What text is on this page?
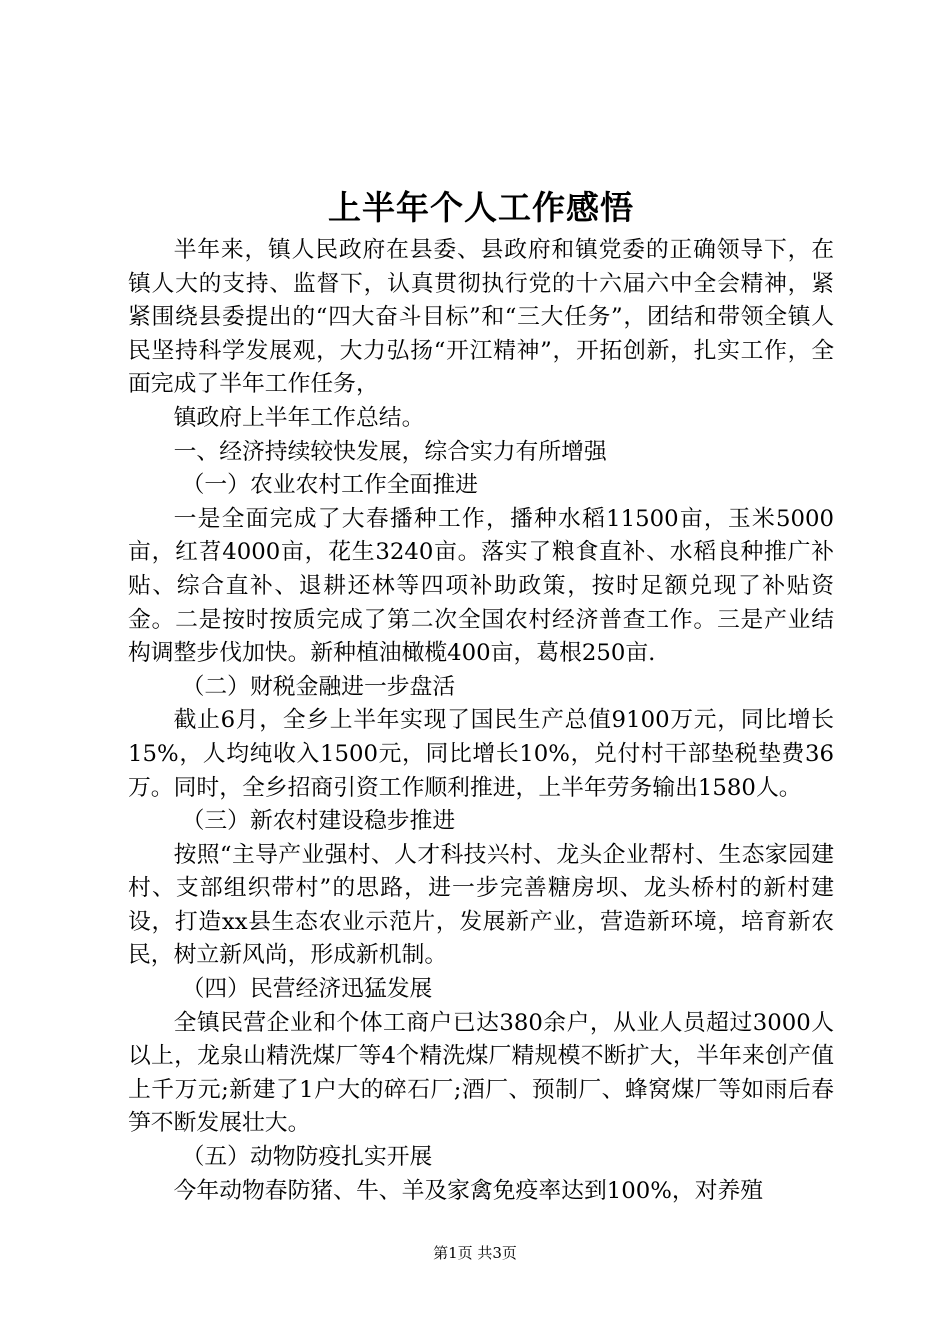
上半年个人工作感悟

半年来，镇人民政府在县委、县政府和镇党委的正确领导下，在镇人大的支持、监督下，认真贯彻执行党的十六届六中全会精神，紧紧围绕县委提出的“四大奋斗目标”和“三大任务”，团结和带领全镇人民坚持科学发展观，大力弘扬“开江精神”，开拓创新，扎实工作，全面完成了半年工作任务，

镇政府上半年工作总结。

一、经济持续较快发展，综合实力有所增强

（一）农业农村工作全面推进

一是全面完成了大春播种工作，播种水稻11500亩，玉米5000亩，红苕4000亩，花生3240亩。落实了粮食直补、水稻良种推广补贴、综合直补、退耕还林等四项补助政策，按时足额兑现了补贴资金。二是按时按质完成了第二次全国农村经济普查工作。三是产业结构调整步伐加快。新种植油橄榄400亩，葛根250亩.

（二）财税金融进一步盘活

截止6月，全乡上半年实现了国民生产总值9100万元，同比增长15%，人均纯收入1500元，同比增长10%，兑付村干部垫税垫费36万。同时，全乡招商引资工作顺利推进，上半年劳务输出1580人。

（三）新农村建设稳步推进

按照“主导产业强村、人才科技兴村、龙头企业帮村、生态家园建村、支部组织带村”的思路，进一步完善糖房坝、龙头桥村的新村建设，打造xx县生态农业示范片，发展新产业，营造新环境，培育新农民，树立新风尚，形成新机制。

（四）民营经济迅猛发展

全镇民营企业和个体工商户已达380余户，从业人员超过3000人以上，龙泉山精洗煤厂等4个精洗煤厂精规模不断扩大，半年来创产值上千万元;新建了1户大的碎石厂;酒厂、预制厂、蜂窝煤厂等如雨后春笋不断发展壮大。

（五）动物防疫扎实开展

今年动物春防猪、牛、羊及家禽免疫率达到100%，对养殖

第1页 共3页
